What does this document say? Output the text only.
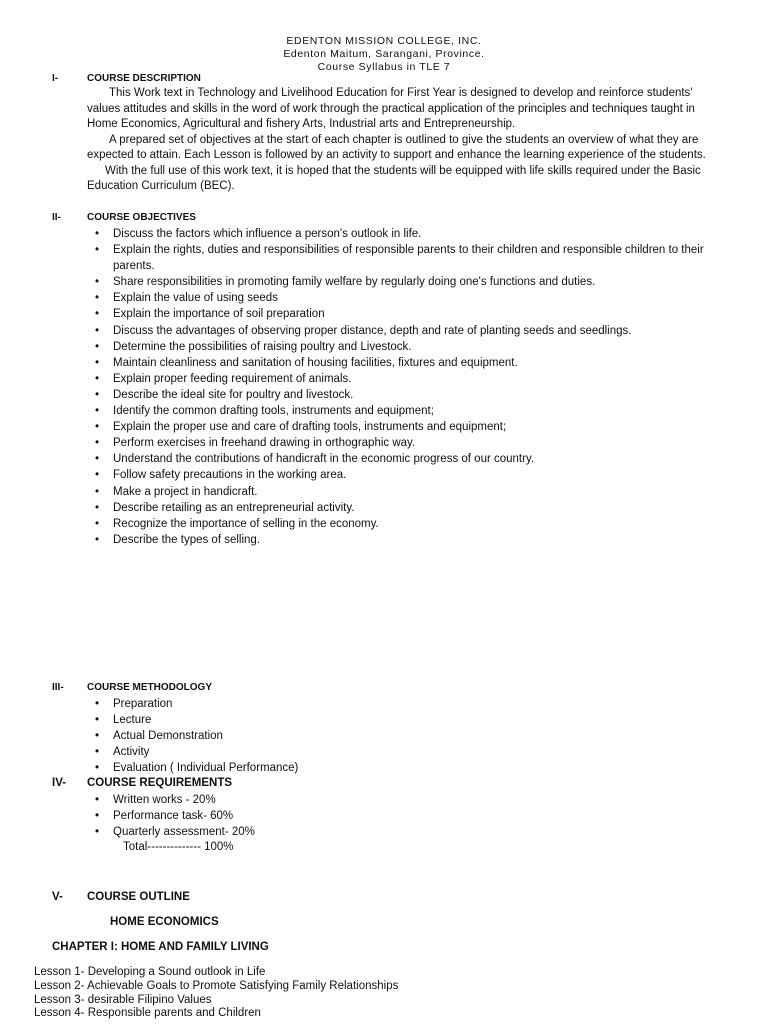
EDENTON MISSION COLLEGE, INC.
Edenton Maitum, Sarangani, Province.
Course Syllabus in TLE 7
I-	COURSE DESCRIPTION

This Work text in Technology and Livelihood Education for First Year is designed to develop and reinforce students' values attitudes and skills in the word of work through the practical application of the principles and techniques taught in Home Economics, Agricultural and fishery Arts, Industrial arts and Entrepreneurship.

A prepared set of objectives at the start of each chapter is outlined to give the students an overview of what they are expected to attain. Each Lesson is followed by an activity to support and enhance the learning experience of the students.

With the full use of this work text, it is hoped that the students will be equipped with life skills required under the Basic Education Curriculum (BEC).

II-	COURSE OBJECTIVES
• Discuss the factors which influence a person's outlook in life.
• Explain the rights, duties and responsibilities of responsible parents to their children and responsible children to their parents.
• Share responsibilities in promoting family welfare by regularly doing one's functions and duties.
• Explain the value of using seeds
• Explain the importance of soil preparation
• Discuss the advantages of observing proper distance, depth and rate of planting seeds and seedlings.
• Determine the possibilities of raising poultry and Livestock.
• Maintain cleanliness and sanitation of housing facilities, fixtures and equipment.
• Explain proper feeding requirement of animals.
• Describe the ideal site for poultry and livestock.
• Identify the common drafting tools, instruments and equipment;
• Explain the proper use and care of drafting tools, instruments and equipment;
• Perform exercises in freehand drawing in orthographic way.
• Understand the contributions of handicraft in the economic progress of our country.
• Follow safety precautions in the working area.
• Make a project in handicraft.
• Describe retailing as an entrepreneurial activity.
• Recognize the importance of selling in the economy.
• Describe the types of selling.
III- COURSE METHODOLOGY
• Preparation
• Lecture
• Actual Demonstration
• Activity
• Evaluation ( Individual Performance)
IV- COURSE REQUIREMENTS
• Written works - 20%
• Performance task- 60%
• Quarterly assessment- 20%
Total-------------- 100%
V- COURSE OUTLINE
HOME ECONOMICS
CHAPTER I: HOME AND FAMILY LIVING
Lesson 1- Developing a Sound outlook in Life
Lesson 2- Achievable Goals to Promote Satisfying Family Relationships
Lesson 3- desirable Filipino Values
Lesson 4- Responsible parents and Children
